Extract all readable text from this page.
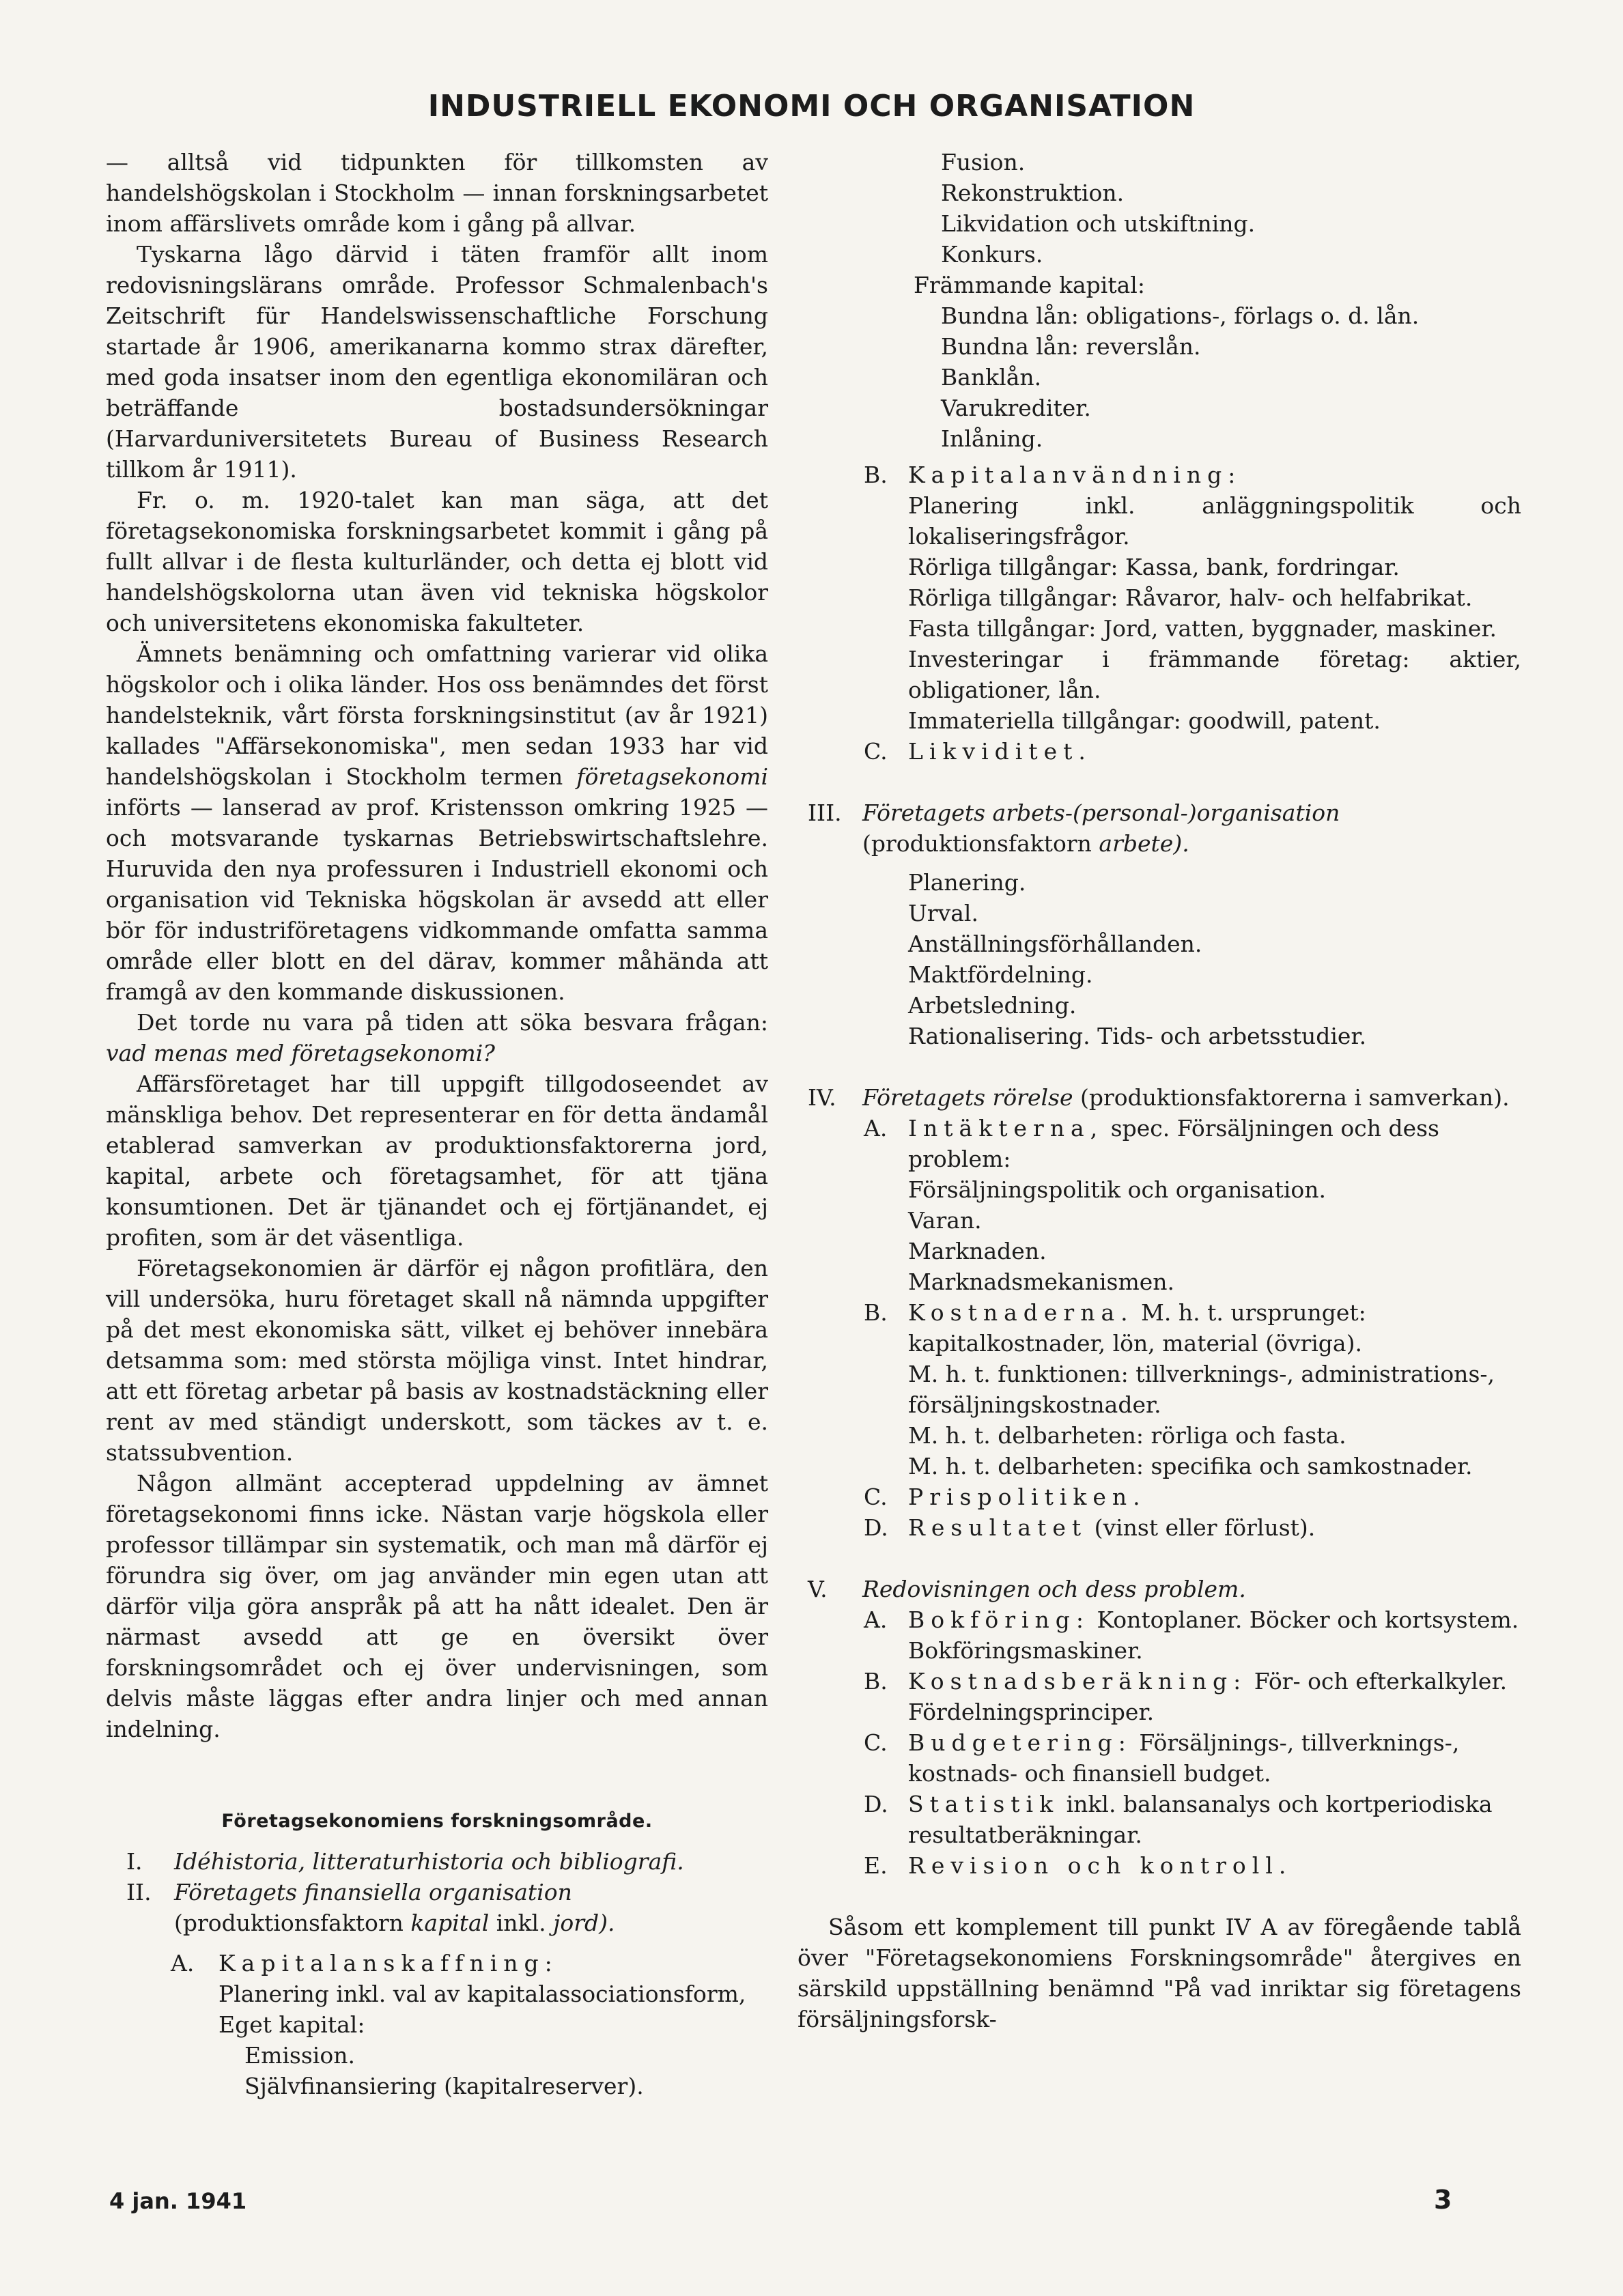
INDUSTRIELL EKONOMI OCH ORGANISATION

— alltså vid tidpunkten för tillkomsten av handelshögskolan i Stockholm — innan forskningsarbetet inom affärslivets område kom i gång på allvar.

Tyskarna lågo därvid i täten framför allt inom redovisningslärans område. Professor Schmalenbach's Zeitschrift für Handelswissenschaftliche Forschung startade år 1906, amerikanarna kommo strax därefter, med goda insatser inom den egentliga ekonomiläran och beträffande bostadsundersökningar (Harvarduniversitetets Bureau of Business Research tillkom år 1911).

Fr. o. m. 1920-talet kan man säga, att det företagsekonomiska forskningsarbetet kommit i gång på fullt allvar i de flesta kulturländer, och detta ej blott vid handelshögskolorna utan även vid tekniska högskolor och universitetens ekonomiska fakulteter.

Ämnets benämning och omfattning varierar vid olika högskolor och i olika länder. Hos oss benämndes det först handelsteknik, vårt första forskningsinstitut (av år 1921) kallades "Affärsekonomiska", men sedan 1933 har vid handelshögskolan i Stockholm termen företagsekonomi införts — lanserad av prof. Kristensson omkring 1925 — och motsvarande tyskarnas Betriebswirtschaftslehre. Huruvida den nya professuren i Industriell ekonomi och organisation vid Tekniska högskolan är avsedd att eller bör för industriföretagens vidkommande omfatta samma område eller blott en del därav, kommer måhända att framgå av den kommande diskussionen.

Det torde nu vara på tiden att söka besvara frågan: vad menas med företagsekonomi?

Affärsföretaget har till uppgift tillgodoseendet av mänskliga behov. Det representerar en för detta ändamål etablerad samverkan av produktionsfaktorerna jord, kapital, arbete och företagsamhet, för att tjäna konsumtionen. Det är tjänandet och ej förtjänandet, ej profiten, som är det väsentliga.

Företagsekonomien är därför ej någon profitlära, den vill undersöka, huru företaget skall nå nämnda uppgifter på det mest ekonomiska sätt, vilket ej behöver innebära detsamma som: med största möjliga vinst. Intet hindrar, att ett företag arbetar på basis av kostnadstäckning eller rent av med ständigt underskott, som täckes av t. e. statssubvention.

Någon allmänt accepterad uppdelning av ämnet företagsekonomi finns icke. Nästan varje högskola eller professor tillämpar sin systematik, och man må därför ej förundra sig över, om jag använder min egen utan att därför vilja göra anspråk på att ha nått idealet. Den är närmast avsedd att ge en översikt över forskningsområdet och ej över undervisningen, som delvis måste läggas efter andra linjer och med annan indelning.

Företagsekonomiens forskningsområde.
I.	Idéhistoria, litteraturhistoria och bibliografi.
II.	Företagets finansiella organisation (produktionsfaktorn kapital inkl. jord).
A.	Kapitalanskaffning:
Planering inkl. val av kapitalassociationsform,
Eget kapital:
Emission.
Självfinansiering (kapitalreserver).
Fusion.
Rekonstruktion.
Likvidation och utskiftning.
Konkurs.
Främmande kapital:
Bundna lån: obligations-, förlags o. d. lån.
Bundna lån: reverslån.
Banklån.
Varukrediter.
Inlåning.
B. Kapitalanvändning:
Planering inkl. anläggningspolitik och lokaliseringsfrågor.
Rörliga tillgångar: Kassa, bank, fordringar.
Rörliga tillgångar: Råvaror, halv- och helfabrikat.
Fasta tillgångar: Jord, vatten, byggnader, maskiner.
Investeringar i främmande företag: aktier, obligationer, lån.
Immateriella tillgångar: goodwill, patent.
C. Likviditet.
III. Företagets arbets-(personal-)organisation (produktionsfaktorn arbete).
Planering.
Urval.
Anställningsförhållanden.
Maktfördelning.
Arbetsledning.
Rationalisering. Tids- och arbetsstudier.
IV.	Företagets rörelse (produktionsfaktorerna i samverkan).
A. Intäkterna, spec. Försäljningen och dess problem:
Försäljningspolitik och organisation.
Varan.
Marknaden.
Marknadsmekanismen.
B. Kostnaderna. M. h. t. ursprunget: kapitalkostnader, lön, material (övriga).
M. h. t. funktionen: tillverknings-, administrations-, försäljningskostnader.
M. h. t. delbarheten: rörliga och fasta.
M. h. t. delbarheten: specifika och samkostnader.
C. Prispolitiken.
D. Resultatet (vinst eller förlust).
V.	Redovisningen och dess problem.
A. Bokföring: Kontoplaner. Böcker och kortsystem. Bokföringsmaskiner.
B. Kostnadsberäkning: För- och efterkalkyler. Fördelningsprinciper.
C. Budgetering: Försäljnings-, tillverknings-, kostnads- och finansiell budget.
D. Statistik inkl. balansanalys och kortperiodiska resultatberäkningar.
E. Revision och kontroll.

Såsom ett komplement till punkt IV A av föregående tablå över "Företagsekonomiens Forskningsområde" återgives en särskild uppställning benämnd "På vad inriktar sig företagens försäljningsforsk-

4 jan. 1941	3
